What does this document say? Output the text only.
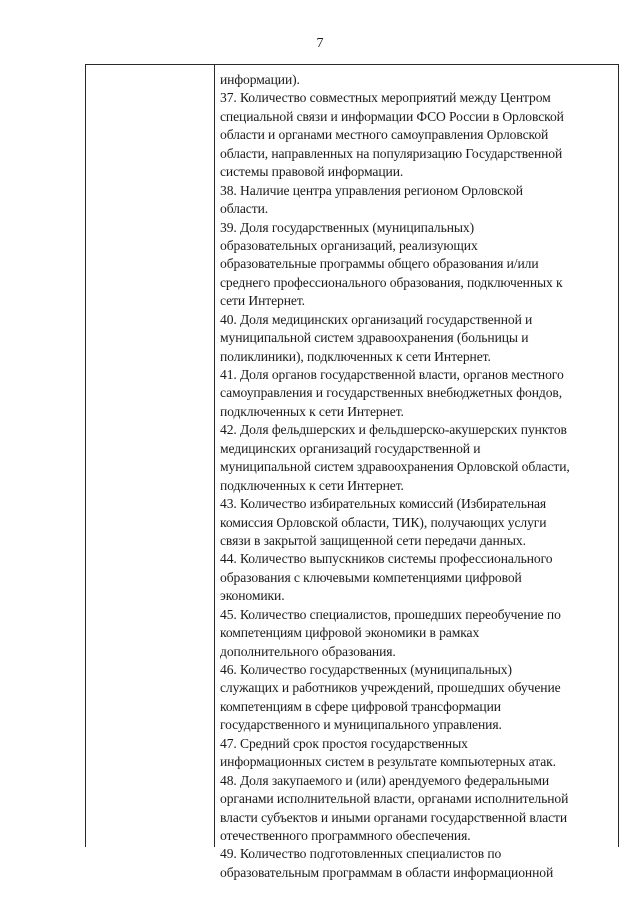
7
информации).
37. Количество совместных мероприятий между Центром
специальной связи и информации ФСО России в Орловской
области и органами местного самоуправления Орловской
области, направленных на популяризацию Государственной
системы правовой информации.
38. Наличие центра управления регионом Орловской
области.
39. Доля государственных (муниципальных)
образовательных организаций, реализующих
образовательные программы общего образования и/или
среднего профессионального образования, подключенных к
сети Интернет.
40. Доля медицинских организаций государственной и
муниципальной систем здравоохранения (больницы и
поликлиники), подключенных к сети Интернет.
41. Доля органов государственной власти, органов местного
самоуправления и государственных внебюджетных фондов,
подключенных к сети Интернет.
42. Доля фельдшерских и фельдшерско-акушерских пунктов
медицинских организаций государственной и
муниципальной систем здравоохранения Орловской области,
подключенных к сети Интернет.
43. Количество избирательных комиссий (Избирательная
комиссия Орловской области, ТИК), получающих услуги
связи в закрытой защищенной сети передачи данных.
44. Количество выпускников системы профессионального
образования с ключевыми компетенциями цифровой
экономики.
45. Количество специалистов, прошедших переобучение по
компетенциям цифровой экономики в рамках
дополнительного образования.
46. Количество государственных (муниципальных)
служащих и работников учреждений, прошедших обучение
компетенциям в сфере цифровой трансформации
государственного и муниципального управления.
47. Средний срок простоя государственных
информационных систем в результате компьютерных атак.
48. Доля закупаемого и (или) арендуемого федеральными
органами исполнительной власти, органами исполнительной
власти субъектов и иными органами государственной власти
отечественного программного обеспечения.
49. Количество подготовленных специалистов по
образовательным программам в области информационной
